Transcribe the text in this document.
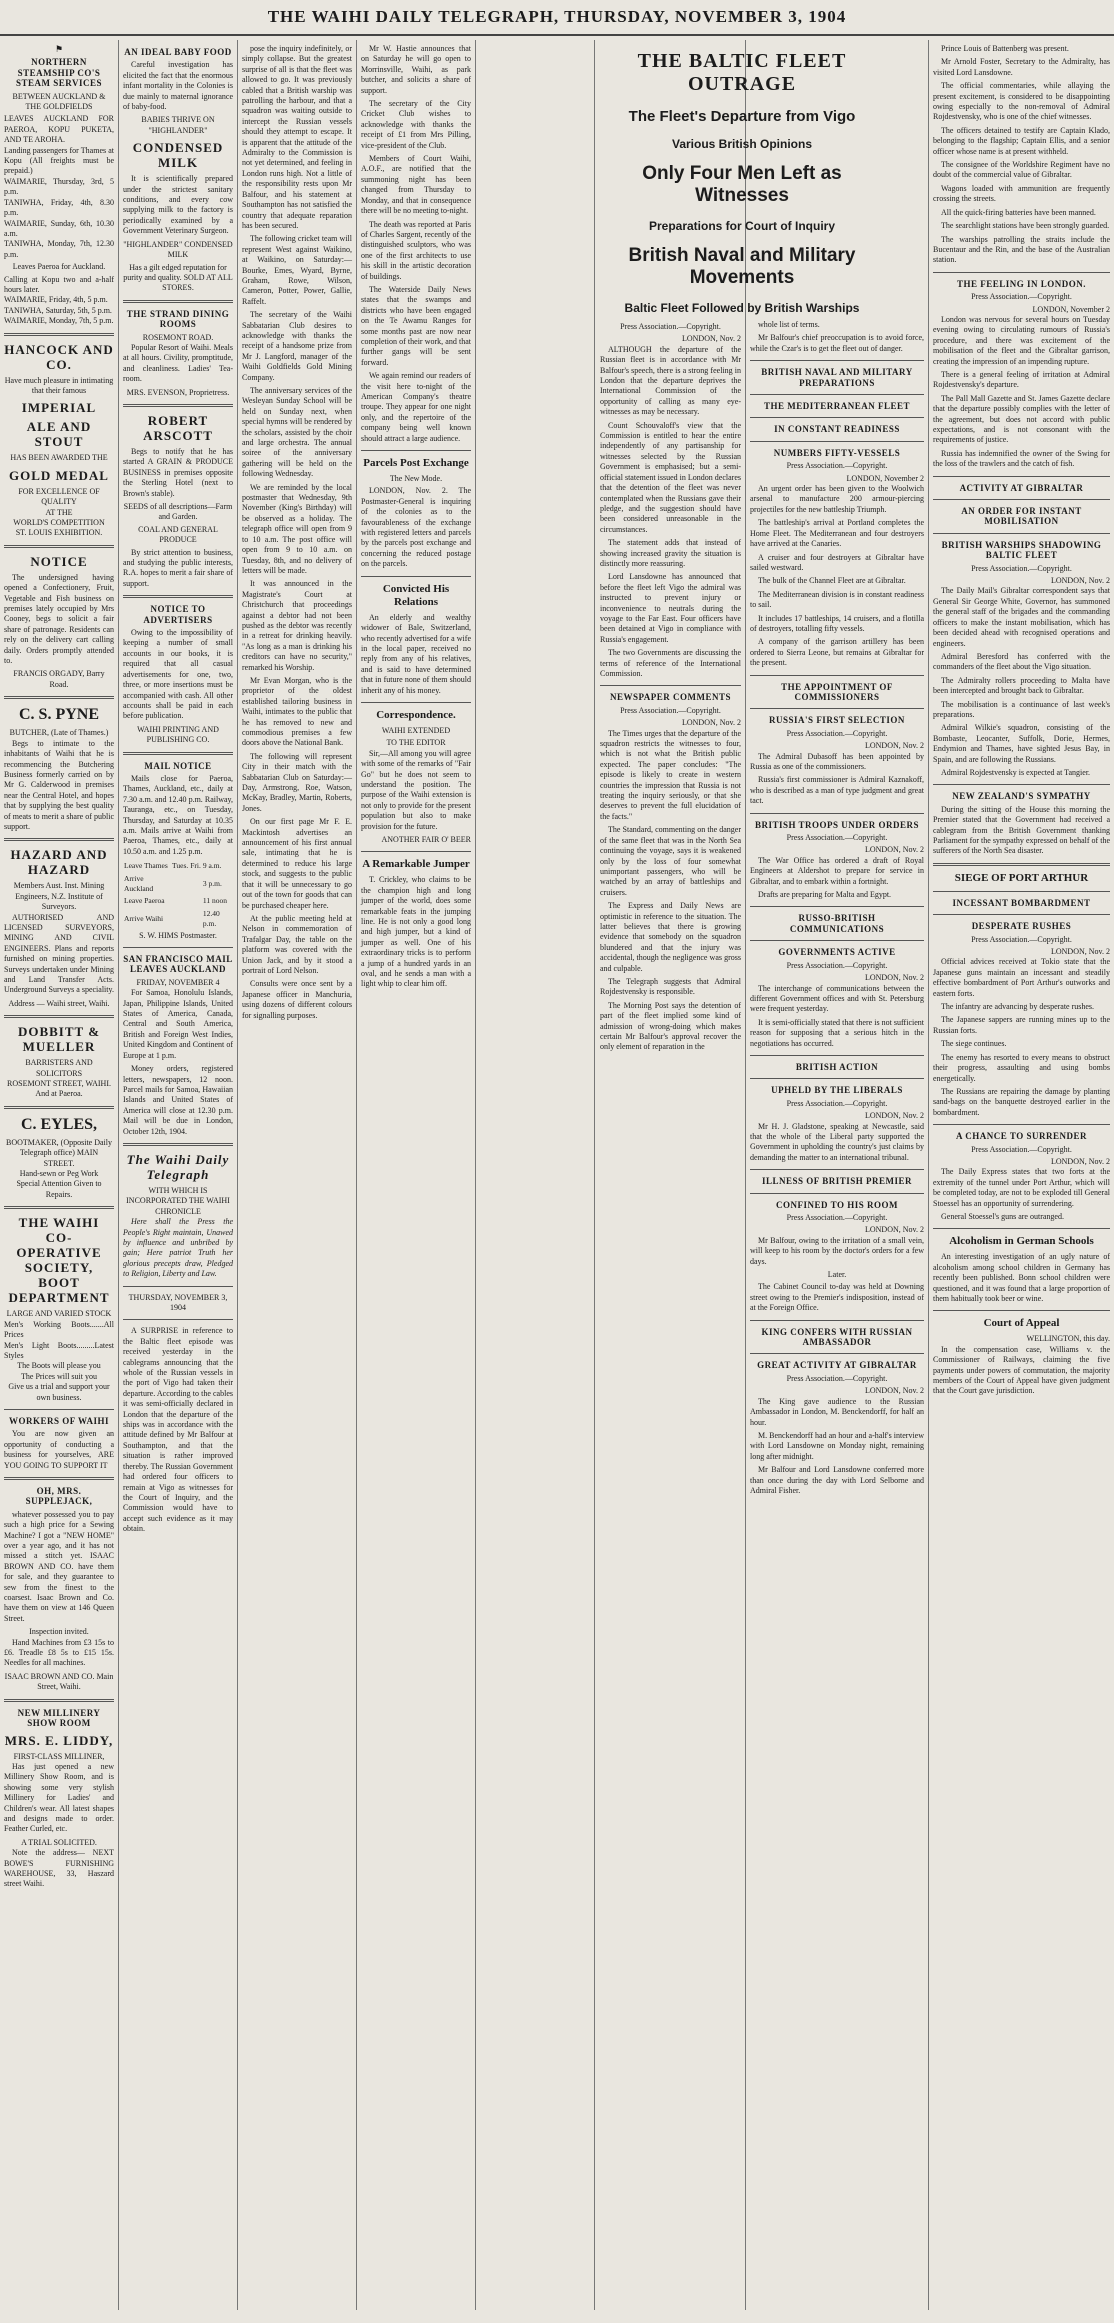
THE WAIHI DAILY TELEGRAPH, THURSDAY, NOVEMBER 3, 1904
⚑
NORTHERN STEAMSHIP CO'S STEAM SERVICES
BETWEEN AUCKLAND & THE GOLDFIELDS
LEAVES AUCKLAND FOR PAEROA, KOPU PUKETA, AND TE AROHA.
Landing passengers for Thames at Kopu (All freights must be prepaid.)
WAIMARIE, Thursday, 3rd, 5 p.m.
TANIWHA, Friday, 4th, 8.30 p.m.
WAIMARIE, Sunday, 6th, 10.30 a.m.
TANIWHA, Monday, 7th, 12.30 p.m.
Leaves Paeroa for Auckland.
Calling at Kopu two and a-half hours later.
WAIMARIE, Friday, 4th, 5 p.m.
TANIWHA, Saturday, 5th, 5 p.m.
WAIMARIE, Monday, 7th, 5 p.m.
HANCOCK AND CO.
Have much pleasure in intimating that their famous
IMPERIAL
ALE AND STOUT
HAS BEEN AWARDED THE
GOLD MEDAL
FOR EXCELLENCE OF QUALITY
AT THE
WORLD'S COMPETITION
ST. LOUIS EXHIBITION.
NOTICE

The undersigned having opened a Confectionery, Fruit, Vegetable and Fish business on premises lately occupied by Mrs Cooney, begs to solicit a fair share of patronage. Residents can rely on the delivery cart calling daily. Orders promptly attended to.

FRANCIS ORGADY, Barry Road.
C. S. PYNE
BUTCHER, (Late of Thames.)

Begs to intimate to the inhabitants of Waihi that he is recommencing the Butchering Business formerly carried on by Mr G. Calderwood in premises near the Central Hotel, and hopes that by supplying the best quality of meats to merit a share of public support.

HAZARD AND HAZARD
Members Aust. Inst. Mining Engineers, N.Z. Institute of Surveyors.

AUTHORISED AND LICENSED SURVEYORS, MINING AND CIVIL ENGINEERS. Plans and reports furnished on mining properties. Surveys undertaken under Mining and Land Transfer Acts. Underground Surveys a speciality.

Address — Waihi street, Waihi.
DOBBITT & MUELLER
BARRISTERS AND SOLICITORS
ROSEMONT STREET, WAIHI. And at Paeroa.
C. EYLES,
BOOTMAKER, (Opposite Daily Telegraph office) MAIN STREET.
Hand-sewn or Peg Work
Special Attention Given to Repairs.
THE WAIHI CO-OPERATIVE SOCIETY, BOOT DEPARTMENT
LARGE AND VARIED STOCK
Men's Working Boots.......All Prices
Men's Light Boots.........Latest Styles
The Boots will please you
The Prices will suit you
Give us a trial and support your own business.
WORKERS OF WAIHI

You are now given an opportunity of conducting a business for yourselves, ARE YOU GOING TO SUPPORT IT

OH, MRS. SUPPLEJACK,

whatever possessed you to pay such a high price for a Sewing Machine? I got a "NEW HOME" over a year ago, and it has not missed a stitch yet. ISAAC BROWN AND CO. have them for sale, and they guarantee to sew from the finest to the coarsest. Isaac Brown and Co. have them on view at 146 Queen Street.

Inspection invited.

Hand Machines from £3 15s to £6. Treadle £8 5s to £15 15s. Needles for all machines.

ISAAC BROWN AND CO. Main Street, Waihi.
NEW MILLINERY SHOW ROOM
MRS. E. LIDDY,
FIRST-CLASS MILLINER,

Has just opened a new Millinery Show Room, and is showing some very stylish Millinery for Ladies' and Children's wear. All latest shapes and designs made to order. Feather Curled, etc.

A TRIAL SOLICITED.

Note the address— NEXT BOWE'S FURNISHING WAREHOUSE, 33, Haszard street Waihi.

AN IDEAL BABY FOOD

Careful investigation has elicited the fact that the enormous infant mortality in the Colonies is due mainly to maternal ignorance of baby-food.

BABIES THRIVE ON "HIGHLANDER"
CONDENSED MILK

It is scientifically prepared under the strictest sanitary conditions, and every cow supplying milk to the factory is periodically examined by a Government Veterinary Surgeon.

"HIGHLANDER" CONDENSED MILK
Has a gilt edged reputation for purity and quality. SOLD AT ALL STORES.
THE STRAND DINING ROOMS
ROSEMONT ROAD.

Popular Resort of Waihi. Meals at all hours. Civility, promptitude, and cleanliness. Ladies' Tea-room.

MRS. EVENSON, Proprietress.
ROBERT ARSCOTT

Begs to notify that he has started A GRAIN & PRODUCE BUSINESS in premises opposite the Sterling Hotel (next to Brown's stable).

SEEDS of all descriptions—Farm and Garden.
COAL AND GENERAL PRODUCE

By strict attention to business, and studying the public interests, R.A. hopes to merit a fair share of support.

NOTICE TO ADVERTISERS

Owing to the impossibility of keeping a number of small accounts in our books, it is required that all casual advertisements for one, two, three, or more insertions must be accompanied with cash. All other accounts shall be paid in each before publication.

WAIHI PRINTING AND PUBLISHING CO.
MAIL NOTICE

Mails close for Paeroa, Thames, Auckland, etc., daily at 7.30 a.m. and 12.40 p.m. Railway, Tauranga, etc., on Tuesday, Thursday, and Saturday at 10.35 a.m. Mails arrive at Waihi from Paeroa, Thames, etc., daily at 10.50 a.m. and 1.25 p.m.

Leave Thames	Tues.	Fri.	9 a.m.
Arrive Auckland			3 p.m.
Leave Paeroa			11 noon
Arrive Waihi			12.40 p.m.
S. W. HIMS Postmaster.
SAN FRANCISCO MAIL LEAVES AUCKLAND
FRIDAY, NOVEMBER 4

For Samoa, Honolulu Islands, Japan, Philippine Islands, United States of America, Canada, Central and South America, British and Foreign West Indies, United Kingdom and Continent of Europe at 1 p.m.

Money orders, registered letters, newspapers, 12 noon. Parcel mails for Samoa, Hawaiian Islands and United States of America will close at 12.30 p.m. Mail will be due in London, October 12th, 1904.

The Waihi Daily Telegraph
WITH WHICH IS INCORPORATED THE WAIHI CHRONICLE

Here shall the Press the People's Right maintain, Unawed by influence and unbribed by gain; Here patriot Truth her glorious precepts draw, Pledged to Religion, Liberty and Law.

THURSDAY, NOVEMBER 3, 1904

A SURPRISE in reference to the Baltic fleet episode was received yesterday in the cablegrams announcing that the whole of the Russian vessels in the port of Vigo had taken their departure. According to the cables it was semi-officially declared in London that the departure of the ships was in accordance with the attitude defined by Mr Balfour at Southampton, and that the situation is rather improved thereby. The Russian Government had ordered four officers to remain at Vigo as witnesses for the Court of Inquiry, and the Commission would have to accept such evidence as it may obtain.

pose the inquiry indefinitely, or simply collapse. But the greatest surprise of all is that the fleet was allowed to go. It was previously cabled that a British warship was patrolling the harbour, and that a squadron was waiting outside to intercept the Russian vessels should they attempt to escape. It is apparent that the attitude of the Admiralty to the Commission is not yet determined, and feeling in London runs high. Not a little of the responsibility rests upon Mr Balfour, and his statement at Southampton has not satisfied the country that adequate reparation has been secured.

The following cricket team will represent West against Waikino, at Waikino, on Saturday:—Bourke, Emes, Wyard, Byrne, Graham, Rowe, Wilson, Cameron, Potter, Power, Gallie, Raffelt.

The secretary of the Waihi Sabbatarian Club desires to acknowledge with thanks the receipt of a handsome prize from Mr J. Langford, manager of the Waihi Goldfields Gold Mining Company.

The anniversary services of the Wesleyan Sunday School will be held on Sunday next, when special hymns will be rendered by the scholars, assisted by the choir and large orchestra. The annual soiree of the anniversary gathering will be held on the following Wednesday.

We are reminded by the local postmaster that Wednesday, 9th November (King's Birthday) will be observed as a holiday. The telegraph office will open from 9 to 10 a.m. The post office will open from 9 to 10 a.m. on Tuesday, 8th, and no delivery of letters will be made.

It was announced in the Magistrate's Court at Christchurch that proceedings against a debtor had not been pushed as the debtor was recently in a retreat for drinking heavily. "As long as a man is drinking his creditors can have no security," remarked his Worship.

Mr Evan Morgan, who is the proprietor of the oldest established tailoring business in Waihi, intimates to the public that he has removed to new and commodious premises a few doors above the National Bank.

The following will represent City in their match with the Sabbatarian Club on Saturday:—Day, Armstrong, Roe, Watson, McKay, Bradley, Martin, Roberts, Jones.

On our first page Mr F. E. Mackintosh advertises an announcement of his first annual sale, intimating that he is determined to reduce his large stock, and suggests to the public that it will be unnecessary to go out of the town for goods that can be purchased cheaper here.

At the public meeting held at Nelson in commemoration of Trafalgar Day, the table on the platform was covered with the Union Jack, and by it stood a portrait of Lord Nelson.

Consults were once sent by a Japanese officer in Manchuria, using dozens of different colours for signalling purposes.

Mr W. Hastie announces that on Saturday he will go open to Morrinsville, Waihi, as park butcher, and solicits a share of support.

The secretary of the City Cricket Club wishes to acknowledge with thanks the receipt of £1 from Mrs Pilling, vice-president of the Club.

Members of Court Waihi, A.O.F., are notified that the summoning night has been changed from Thursday to Monday, and that in consequence there will be no meeting to-night.

The death was reported at Paris of Charles Sargent, recently of the distinguished sculptors, who was one of the first architects to use his skill in the artistic decoration of buildings.

The Waterside Daily News states that the swamps and districts who have been engaged on the Te Awamu Ranges for some months past are now near completion of their work, and that further gangs will be sent forward.

We again remind our readers of the visit here to-night of the American Company's theatre troupe. They appear for one night only, and the repertoire of the company being well known should attract a large audience.

Parcels Post Exchange
The New Mode.

LONDON, Nov. 2. The Postmaster-General is inquiring of the colonies as to the favourableness of the exchange with registered letters and parcels by the parcels post exchange and concerning the reduced postage on the parcels.

Convicted His Relations

An elderly and wealthy widower of Bale, Switzerland, who recently advertised for a wife in the local paper, received no reply from any of his relatives, and is said to have determined that in future none of them should inherit any of his money.

Correspondence.
WAIHI EXTENDED
TO THE EDITOR

Sir,—All among you will agree with some of the remarks of "Fair Go" but he does not seem to understand the position. The purpose of the Waihi extension is not only to provide for the present population but also to make provision for the future.

ANOTHER FAIR O' BEER
A Remarkable Jumper

T. Crickley, who claims to be the champion high and long jumper of the world, does some remarkable feats in the jumping line. He is not only a good long and high jumper, but a kind of jumper as well. One of his extraordinary tricks is to perform a jump of a hundred yards in an oval, and he sends a man with a light whip to clear him off.

THE BALTIC FLEET OUTRAGE
The Fleet's Departure from Vigo
Various British Opinions
Only Four Men Left as Witnesses
Preparations for Court of Inquiry
British Naval and Military Movements
Baltic Fleet Followed by British Warships
Press Association.—Copyright.
LONDON, Nov. 2

ALTHOUGH the departure of the Russian fleet is in accordance with Mr Balfour's speech, there is a strong feeling in London that the departure deprives the International Commission of the opportunity of calling as many eye-witnesses as may be necessary.

Count Schouvaloff's view that the Commission is entitled to hear the entire independently of any partisanship for witnesses selected by the Russian Government is emphasised; but a semi-official statement issued in London declares that the detention of the fleet was never contemplated when the Russians gave their pledge, and the suggestion should have been considered unreasonable in the circumstances.

The statement adds that instead of showing increased gravity the situation is distinctly more reassuring.

Lord Lansdowne has announced that before the fleet left Vigo the admiral was instructed to prevent injury or inconvenience to neutrals during the voyage to the Far East. Four officers have been detained at Vigo in compliance with Russia's engagement.

The two Governments are discussing the terms of reference of the International Commission.

NEWSPAPER COMMENTS
Press Association.—Copyright.
LONDON, Nov. 2

The Times urges that the departure of the squadron restricts the witnesses to four, which is not what the British public expected. The paper concludes: "The episode is likely to create in western countries the impression that Russia is not treating the inquiry seriously, or that she deserves to prevent the full elucidation of the facts."

The Standard, commenting on the danger of the same fleet that was in the North Sea continuing the voyage, says it is weakened only by the loss of four somewhat unimportant passengers, who will be watched by an array of battleships and cruisers.

The Express and Daily News are optimistic in reference to the situation. The latter believes that there is growing evidence that somebody on the squadron blundered and that the injury was accidental, though the negligence was gross and culpable.

The Telegraph suggests that Admiral Rojdestvensky is responsible.

The Morning Post says the detention of part of the fleet implied some kind of admission of wrong-doing which makes certain Mr Balfour's approval recover the only element of reparation in the

whole list of terms.

Mr Balfour's chief preoccupation is to avoid force, while the Czar's is to get the fleet out of danger.

BRITISH NAVAL AND MILITARY PREPARATIONS
THE MEDITERRANEAN FLEET
IN CONSTANT READINESS
NUMBERS FIFTY-VESSELS
Press Association.—Copyright.
LONDON, November 2

An urgent order has been given to the Woolwich arsenal to manufacture 200 armour-piercing projectiles for the new battleship Triumph.

The battleship's arrival at Portland completes the Home Fleet. The Mediterranean and four destroyers have arrived at the Canaries.

A cruiser and four destroyers at Gibraltar have sailed westward.

The bulk of the Channel Fleet are at Gibraltar.

The Mediterranean division is in constant readiness to sail.

It includes 17 battleships, 14 cruisers, and a flotilla of destroyers, totalling fifty vessels.

A company of the garrison artillery has been ordered to Sierra Leone, but remains at Gibraltar for the present.

THE APPOINTMENT OF COMMISSIONERS
RUSSIA'S FIRST SELECTION
Press Association.—Copyright.
LONDON, Nov. 2

The Admiral Dubasoff has been appointed by Russia as one of the commissioners.

Russia's first commissioner is Admiral Kaznakoff, who is described as a man of type judgment and great tact.

BRITISH TROOPS UNDER ORDERS
Press Association.—Copyright.
LONDON, Nov. 2

The War Office has ordered a draft of Royal Engineers at Aldershot to prepare for service in Gibraltar, and to embark within a fortnight.

Drafts are preparing for Malta and Egypt.

RUSSO-BRITISH COMMUNICATIONS
GOVERNMENTS ACTIVE
Press Association.—Copyright.
LONDON, Nov. 2

The interchange of communications between the different Government offices and with St. Petersburg were frequent yesterday.

It is semi-officially stated that there is not sufficient reason for supposing that a serious hitch in the negotiations has occurred.

BRITISH ACTION
UPHELD BY THE LIBERALS
Press Association.—Copyright.
LONDON, Nov. 2

Mr H. J. Gladstone, speaking at Newcastle, said that the whole of the Liberal party supported the Government in upholding the country's just claims by demanding the matter to an international tribunal.

ILLNESS OF BRITISH PREMIER
CONFINED TO HIS ROOM
Press Association.—Copyright.
LONDON, Nov. 2

Mr Balfour, owing to the irritation of a small vein, will keep to his room by the doctor's orders for a few days.

Later.

The Cabinet Council to-day was held at Downing street owing to the Premier's indisposition, instead of at the Foreign Office.

KING CONFERS WITH RUSSIAN AMBASSADOR
GREAT ACTIVITY AT GIBRALTAR
Press Association.—Copyright.
LONDON, Nov. 2

The King gave audience to the Russian Ambassador in London, M. Benckendorff, for half an hour.

M. Benckendorff had an hour and a-half's interview with Lord Lansdowne on Monday night, remaining long after midnight.

Mr Balfour and Lord Lansdowne conferred more than once during the day with Lord Selborne and Admiral Fisher.

Prince Louis of Battenberg was present.

Mr Arnold Foster, Secretary to the Admiralty, has visited Lord Lansdowne.

The official commentaries, while allaying the present excitement, is considered to be disappointing owing especially to the non-removal of Admiral Rojdestvensky, who is one of the chief witnesses.

The officers detained to testify are Captain Klado, belonging to the flagship; Captain Ellis, and a senior officer whose name is at present withheld.

The consignee of the Worldshire Regiment have no doubt of the commercial value of Gibraltar.

Wagons loaded with ammunition are frequently crossing the streets.

All the quick-firing batteries have been manned.

The searchlight stations have been strongly guarded.

The warships patrolling the straits include the Bucentaur and the Rin, and the base of the Australian station.

THE FEELING IN LONDON.
Press Association.—Copyright.
LONDON, November 2

London was nervous for several hours on Tuesday evening owing to circulating rumours of Russia's procedure, and there was excitement of the mobilisation of the fleet and the Gibraltar garrison, creating the impression of an impending rupture.

There is a general feeling of irritation at Admiral Rojdestvensky's departure.

The Pall Mall Gazette and St. James Gazette declare that the departure possibly complies with the letter of the agreement, but does not accord with public expectations, and is not consonant with the requirements of justice.

Russia has indemnified the owner of the Swing for the loss of the trawlers and the catch of fish.

ACTIVITY AT GIBRALTAR
AN ORDER FOR INSTANT MOBILISATION
BRITISH WARSHIPS SHADOWING BALTIC FLEET
Press Association.—Copyright.
LONDON, Nov. 2

The Daily Mail's Gibraltar correspondent says that General Sir George White, Governor, has summoned the general staff of the brigades and the commanding officers to make the instant mobilisation, which has been decided ahead with recognised operations and engineers.

Admiral Beresford has conferred with the commanders of the fleet about the Vigo situation.

The Admiralty rollers proceeding to Malta have been intercepted and brought back to Gibraltar.

The mobilisation is a continuance of last week's preparations.

Admiral Wilkie's squadron, consisting of the Bombaste, Leocanter, Suffolk, Dorie, Hermes, Endymion and Thames, have sighted Jesus Bay, in Spain, and are following the Russians.

Admiral Rojdestvensky is expected at Tangier.

NEW ZEALAND'S SYMPATHY

During the sitting of the House this morning the Premier stated that the Government had received a cablegram from the British Government thanking Parliament for the sympathy expressed on behalf of the sufferers of the North Sea disaster.

SIEGE OF PORT ARTHUR
INCESSANT BOMBARDMENT
DESPERATE RUSHES
Press Association.—Copyright.
LONDON, Nov. 2

Official advices received at Tokio state that the Japanese guns maintain an incessant and steadily effective bombardment of Port Arthur's outworks and eastern forts.

The infantry are advancing by desperate rushes.

The Japanese sappers are running mines up to the Russian forts.

The siege continues.

The enemy has resorted to every means to obstruct their progress, assaulting and using bombs energetically.

The Russians are repairing the damage by planting sand-bags on the banquette destroyed earlier in the bombardment.

A CHANCE TO SURRENDER
Press Association.—Copyright.
LONDON, Nov. 2

The Daily Express states that two forts at the extremity of the tunnel under Port Arthur, which will be completed today, are not to be exploded till General Stoessel has an opportunity of surrendering.

General Stoessel's guns are outranged.

Alcoholism in German Schools

An interesting investigation of an ugly nature of alcoholism among school children in Germany has recently been published. Bonn school children were questioned, and it was found that a large proportion of them habitually took beer or wine.

Court of Appeal
WELLINGTON, this day.

In the compensation case, Williams v. the Commissioner of Railways, claiming the five payments under powers of commutation, the majority members of the Court of Appeal have given judgment that the Court gave jurisdiction.
